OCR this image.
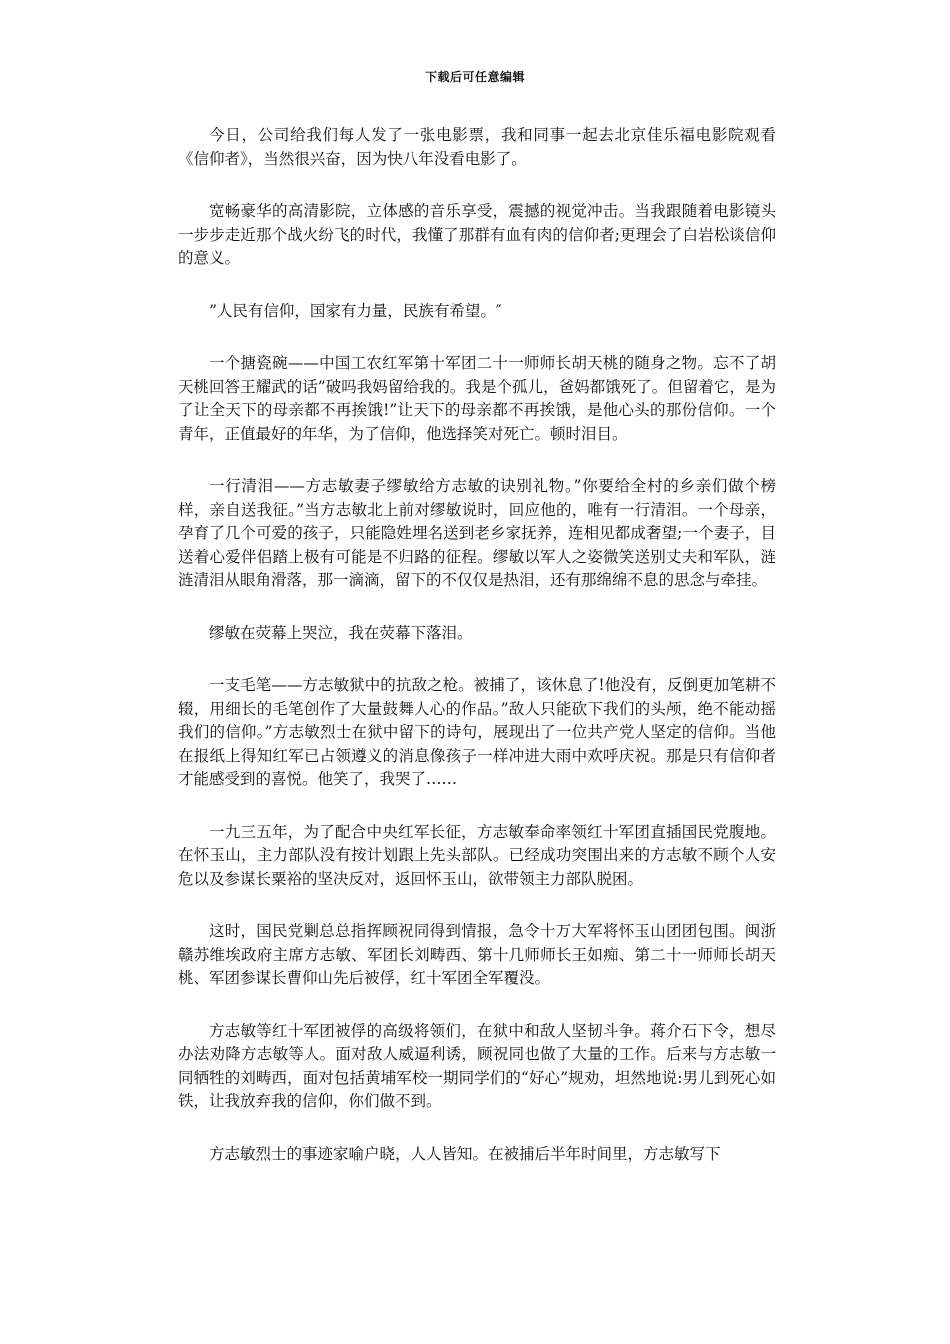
下载后可任意编辑

今日，公司给我们每人发了一张电影票，我和同事一起去北京佳乐福电影院观看《信仰者》，当然很兴奋，因为快八年没看电影了。

宽畅豪华的高清影院，立体感的音乐享受，震撼的视觉冲击。当我跟随着电影镜头一步步走近那个战火纷飞的时代，我懂了那群有血有肉的信仰者;更理会了白岩松谈信仰的意义。

”人民有信仰，国家有力量，民族有希望。″

一个搪瓷碗——中国工农红军第十军团二十一师师长胡天桃的随身之物。忘不了胡天桃回答王耀武的话”破吗我妈留给我的。我是个孤儿，爸妈都饿死了。但留着它，是为了让全天下的母亲都不再挨饿!”让天下的母亲都不再挨饿，是他心头的那份信仰。一个青年，正值最好的年华，为了信仰，他选择笑对死亡。顿时泪目。

一行清泪——方志敏妻子缪敏给方志敏的诀别礼物。”你要给全村的乡亲们做个榜样，亲自送我征。”当方志敏北上前对缪敏说时，回应他的，唯有一行清泪。一个母亲，孕育了几个可爱的孩子，只能隐姓埋名送到老乡家抚养，连相见都成奢望;一个妻子，目送着心爱伴侣踏上极有可能是不归路的征程。缪敏以军人之姿微笑送别丈夫和军队，涟涟清泪从眼角滑落，那一滴滴，留下的不仅仅是热泪，还有那绵绵不息的思念与牵挂。

缪敏在荧幕上哭泣，我在荧幕下落泪。

一支毛笔——方志敏狱中的抗敌之枪。被捕了，该休息了!他没有，反倒更加笔耕不辍，用细长的毛笔创作了大量鼓舞人心的作品。”敌人只能砍下我们的头颅，绝不能动摇我们的信仰。”方志敏烈士在狱中留下的诗句，展现出了一位共产党人坚定的信仰。当他在报纸上得知红军已占领遵义的消息像孩子一样冲进大雨中欢呼庆祝。那是只有信仰者才能感受到的喜悦。他笑了，我哭了……

一九三五年，为了配合中央红军长征，方志敏奉命率领红十军团直插国民党腹地。在怀玉山，主力部队没有按计划跟上先头部队。已经成功突围出来的方志敏不顾个人安危以及参谋长粟裕的坚决反对，返回怀玉山，欲带领主力部队脱困。

这时，国民党剿总总指挥顾祝同得到情报，急令十万大军将怀玉山团团包围。闽浙赣苏维埃政府主席方志敏、军团长刘畴西、第十几师师长王如痴、第二十一师师长胡天桃、军团参谋长曹仰山先后被俘，红十军团全军覆没。

方志敏等红十军团被俘的高级将领们，在狱中和敌人坚韧斗争。蒋介石下令，想尽办法劝降方志敏等人。面对敌人威逼利诱，顾祝同也做了大量的工作。后来与方志敏一同牺牲的刘畴西，面对包括黄埔军校一期同学们的“好心”规劝，坦然地说:男儿到死心如铁，让我放弃我的信仰，你们做不到。

方志敏烈士的事迹家喻户晓，人人皆知。在被捕后半年时间里，方志敏写下
